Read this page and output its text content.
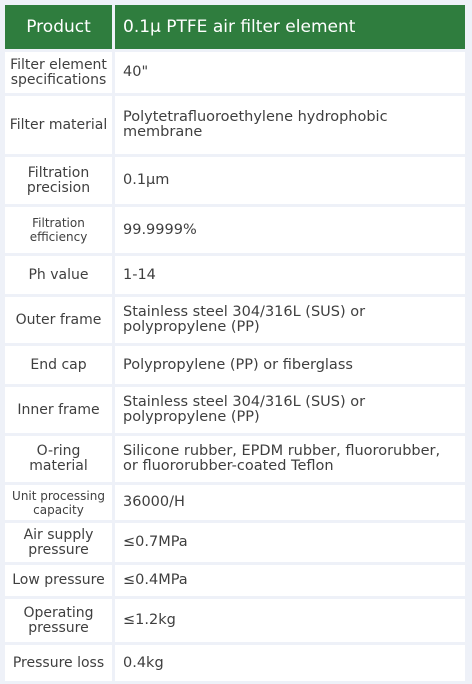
Product	0.1μ PTFE air filter element
Filter element specifications	40"
Filter material	Polytetrafluoroethylene hydrophobic membrane
Filtration precision	0.1μm
Filtration efficiency	99.9999%
Ph value	1-14
Outer frame	Stainless steel 304/316L (SUS) or polypropylene (PP)
End cap	Polypropylene (PP) or fiberglass
Inner frame	Stainless steel 304/316L (SUS) or polypropylene (PP)
O-ring material	Silicone rubber, EPDM rubber, fluororubber, or fluororubber-coated Teflon
Unit processing capacity	36000/H
Air supply pressure	≤0.7MPa
Low pressure	≤0.4MPa
Operating pressure	≤1.2kg
Pressure loss	0.4kg
